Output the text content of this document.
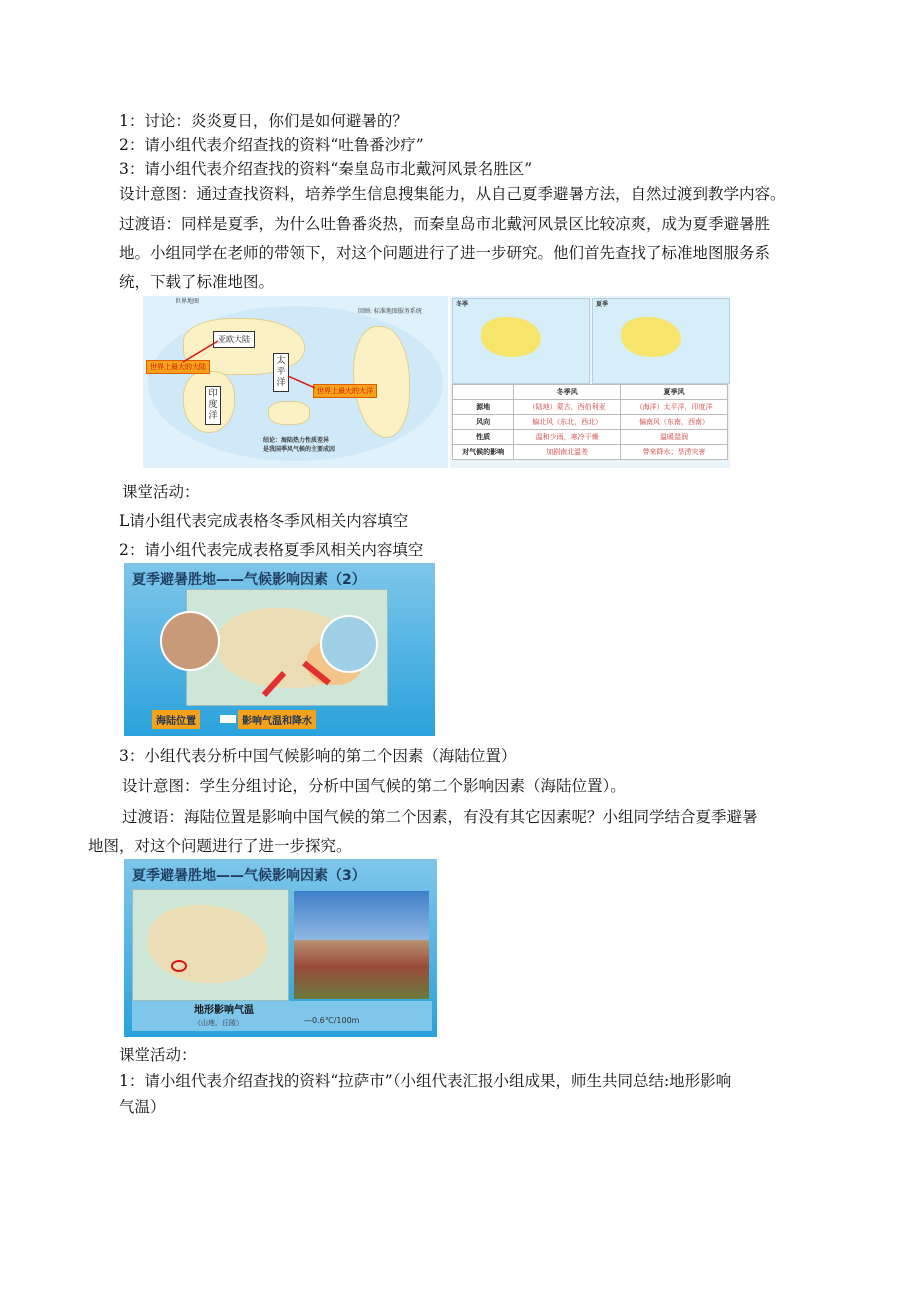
1：讨论：炎炎夏日，你们是如何避暑的？
2：请小组代表介绍查找的资料“吐鲁番沙疗”
3：请小组代表介绍查找的资料“秦皇岛市北戴河风景名胜区”
设计意图：通过查找资料，培养学生信息搜集能力，从自己夏季避暑方法，自然过渡到教学内容。
过渡语：同样是夏季，为什么吐鲁番炎热，而秦皇岛市北戴河风景区比较凉爽，成为夏季避暑胜
地。小组同学在老师的带领下，对这个问题进行了进一步研究。他们首先查找了标准地图服务系
统，下载了标准地图。
世界地图
回顾: 标准地图服务系统
亚欧大陆
世界上最大的大陆
太平洋
世界上最大的大洋
印度洋
结论：海陆热力性质差异
是我国季风气候的主要成因
冬季	夏季
	冬季风	夏季风
源地	（陆地）蒙古，西伯利亚	（海洋）太平洋，印度洋
风向	偏北风（东北，西北）	偏南风（东南，西南）
性质	温和少雨，寒冷干燥	温暖湿润
对气候的影响	加剧南北温差	带来降水；旱涝灾害
课堂活动：
L请小组代表完成表格冬季风相关内容填空
2：请小组代表完成表格夏季风相关内容填空
夏季避暑胜地——气候影响因素（2）
海陆位置	影响气温和降水
3：小组代表分析中国气候影响的第二个因素（海陆位置）
设计意图：学生分组讨论，分析中国气候的第二个影响因素（海陆位置）。
过渡语：海陆位置是影响中国气候的第二个因素，有没有其它因素呢？小组同学结合夏季避暑
地图，对这个问题进行了进一步探究。
夏季避暑胜地——气候影响因素（3）
地形影响气温
（山地，丘陵）	—0.6℃/100m
课堂活动：
1：请小组代表介绍查找的资料“拉萨市”（小组代表汇报小组成果，师生共同总结:地形影响
气温）
